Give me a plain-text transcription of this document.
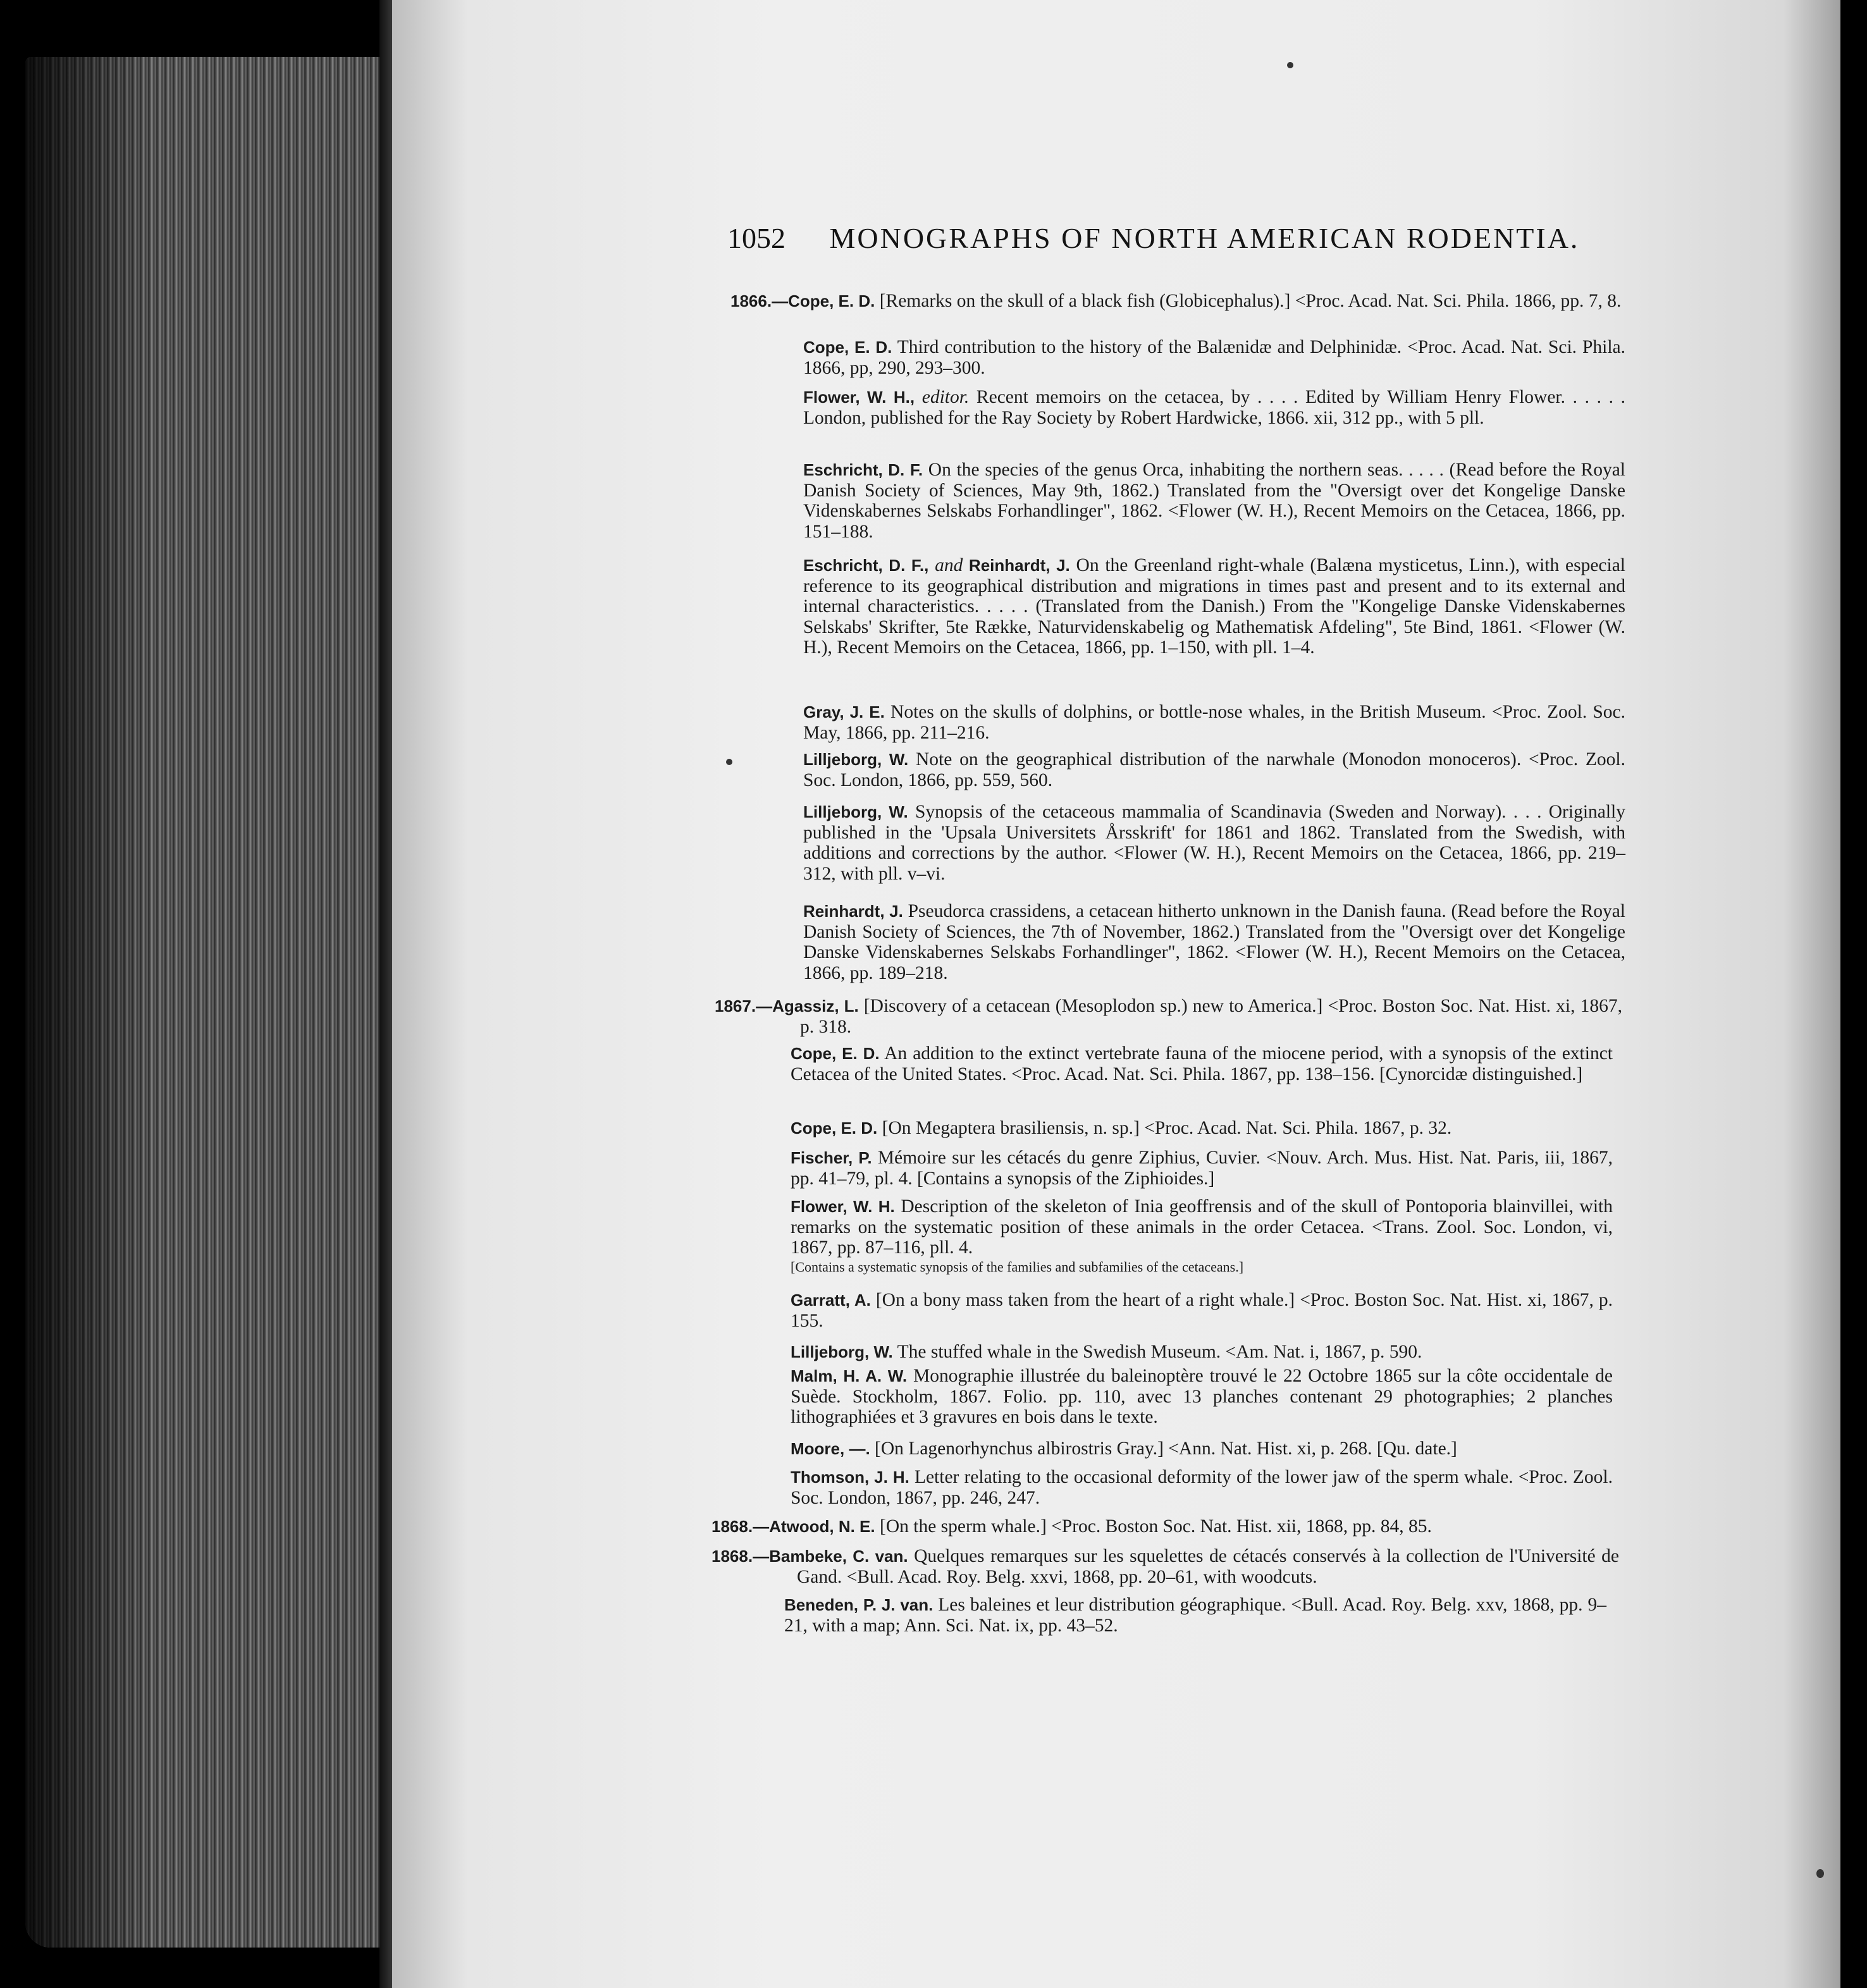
1052 MONOGRAPHS OF NORTH AMERICAN RODENTIA.
1866.—Cope, E. D. [Remarks on the skull of a black fish (Globicephalus).] <Proc. Acad. Nat. Sci. Phila. 1866, pp. 7, 8.
Cope, E. D. Third contribution to the history of the Balænidæ and Delphinidæ. <Proc. Acad. Nat. Sci. Phila. 1866, pp, 290, 293–300.
Flower, W. H., editor. Recent memoirs on the cetacea, by . . . . Edited by William Henry Flower. . . . . . London, published for the Ray Society by Robert Hardwicke, 1866. xii, 312 pp., with 5 pll.
Eschricht, D. F. On the species of the genus Orca, inhabiting the northern seas. . . . . (Read before the Royal Danish Society of Sciences, May 9th, 1862.) Translated from the "Oversigt over det Kongelige Danske Videnskabernes Selskabs Forhandlinger", 1862. <Flower (W. H.), Recent Memoirs on the Cetacea, 1866, pp. 151–188.
Eschricht, D. F., and Reinhardt, J. On the Greenland right-whale (Balæna mysticetus, Linn.), with especial reference to its geographical distribution and migrations in times past and present and to its external and internal characteristics. . . . . (Translated from the Danish.) From the "Kongelige Danske Videnskabernes Selskabs' Skrifter, 5te Række, Naturvidenskabelig og Mathematisk Afdeling", 5te Bind, 1861. <Flower (W. H.), Recent Memoirs on the Cetacea, 1866, pp. 1–150, with pll. 1–4.
Gray, J. E. Notes on the skulls of dolphins, or bottle-nose whales, in the British Museum. <Proc. Zool. Soc. May, 1866, pp. 211–216.
Lilljeborg, W. Note on the geographical distribution of the narwhale (Monodon monoceros). <Proc. Zool. Soc. London, 1866, pp. 559, 560.
Lilljeborg, W. Synopsis of the cetaceous mammalia of Scandinavia (Sweden and Norway). . . . Originally published in the 'Upsala Universitets Årsskrift' for 1861 and 1862. Translated from the Swedish, with additions and corrections by the author. <Flower (W. H.), Recent Memoirs on the Cetacea, 1866, pp. 219–312, with pll. v–vi.
Reinhardt, J. Pseudorca crassidens, a cetacean hitherto unknown in the Danish fauna. (Read before the Royal Danish Society of Sciences, the 7th of November, 1862.) Translated from the "Oversigt over det Kongelige Danske Videnskabernes Selskabs Forhandlinger", 1862. <Flower (W. H.), Recent Memoirs on the Cetacea, 1866, pp. 189–218.
1867.—Agassiz, L. [Discovery of a cetacean (Mesoplodon sp.) new to America.] <Proc. Boston Soc. Nat. Hist. xi, 1867, p. 318.
Cope, E. D. An addition to the extinct vertebrate fauna of the miocene period, with a synopsis of the extinct Cetacea of the United States. <Proc. Acad. Nat. Sci. Phila. 1867, pp. 138–156. [Cynorcidæ distinguished.]
Cope, E. D. [On Megaptera brasiliensis, n. sp.] <Proc. Acad. Nat. Sci. Phila. 1867, p. 32.
Fischer, P. Mémoire sur les cétacés du genre Ziphius, Cuvier. <Nouv. Arch. Mus. Hist. Nat. Paris, iii, 1867, pp. 41–79, pl. 4. [Contains a synopsis of the Ziphioides.]
Flower, W. H. Description of the skeleton of Inia geoffrensis and of the skull of Pontoporia blainvillei, with remarks on the systematic position of these animals in the order Cetacea. <Trans. Zool. Soc. London, vi, 1867, pp. 87–116, pll. 4.
[Contains a systematic synopsis of the families and subfamilies of the cetaceans.]
Garratt, A. [On a bony mass taken from the heart of a right whale.] <Proc. Boston Soc. Nat. Hist. xi, 1867, p. 155.
Lilljeborg, W. The stuffed whale in the Swedish Museum. <Am. Nat. i, 1867, p. 590.
Malm, H. A. W. Monographie illustrée du baleinoptère trouvé le 22 Octobre 1865 sur la côte occidentale de Suède. Stockholm, 1867. Folio. pp. 110, avec 13 planches contenant 29 photographies; 2 planches lithographiées et 3 gravures en bois dans le texte.
Moore, —. [On Lagenorhynchus albirostris Gray.] <Ann. Nat. Hist. xi, p. 268. [Qu. date.]
Thomson, J. H. Letter relating to the occasional deformity of the lower jaw of the sperm whale. <Proc. Zool. Soc. London, 1867, pp. 246, 247.
1868.—Atwood, N. E. [On the sperm whale.] <Proc. Boston Soc. Nat. Hist. xii, 1868, pp. 84, 85.
1868.—Bambeke, C. van. Quelques remarques sur les squelettes de cétacés conservés à la collection de l'Université de Gand. <Bull. Acad. Roy. Belg. xxvi, 1868, pp. 20–61, with woodcuts.
Beneden, P. J. van. Les baleines et leur distribution géographique. <Bull. Acad. Roy. Belg. xxv, 1868, pp. 9–21, with a map; Ann. Sci. Nat. ix, pp. 43–52.
